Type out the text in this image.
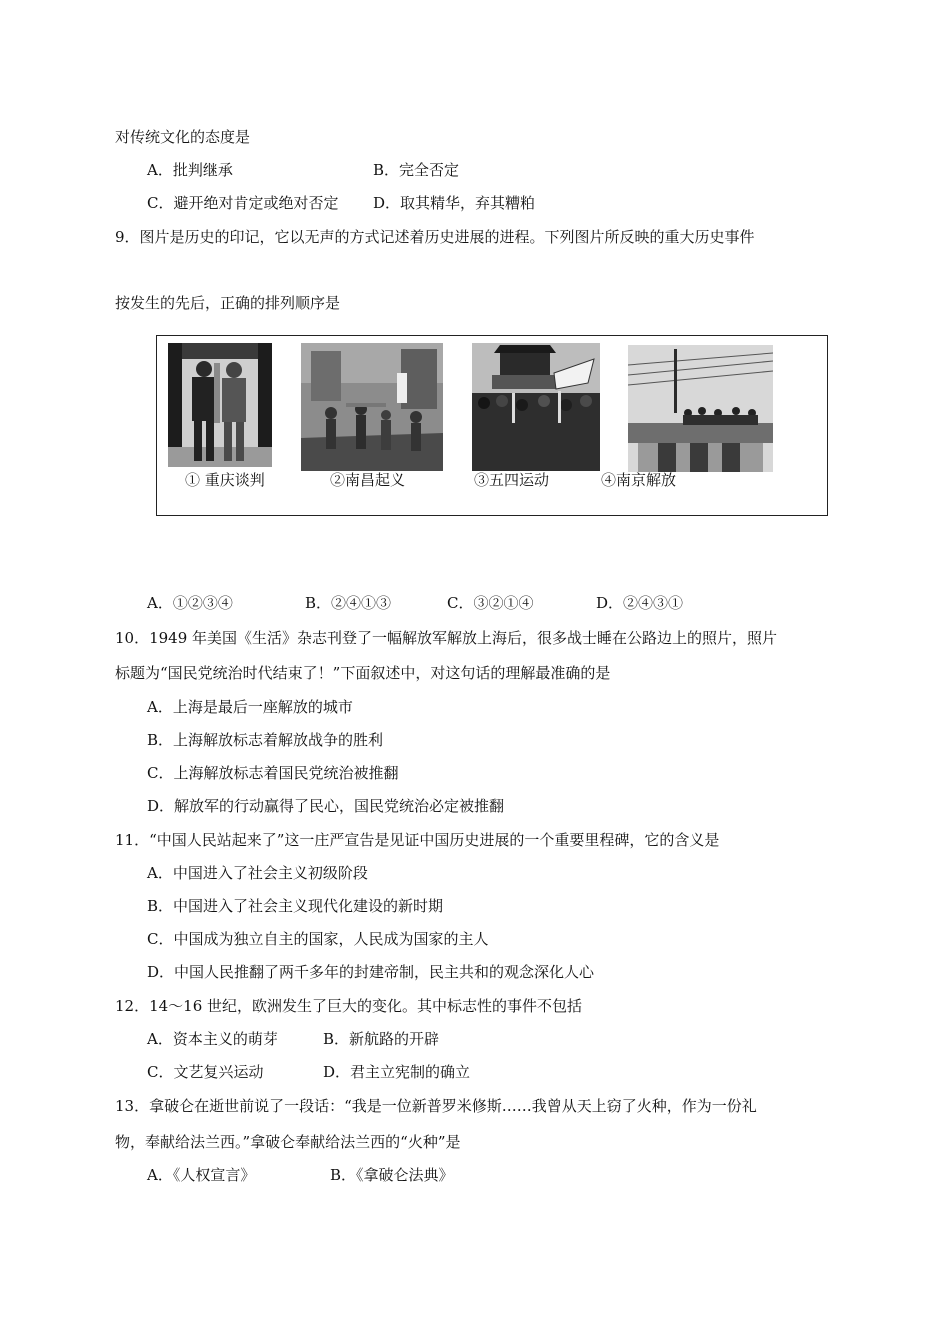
对传统文化的态度是
A．批判继承	B．完全否定
C．避开绝对肯定或绝对否定 D．取其精华，弃其糟粕
9．图片是历史的印记，它以无声的方式记述着历史进展的进程。下列图片所反映的重大历史事件
按发生的先后，正确的排列顺序是
① 重庆谈判	②南昌起义	③五四运动	④南京解放
A．①②③④	B．②④①③	C．③②①④	D．②④③①
10．1949 年美国《生活》杂志刊登了一幅解放军解放上海后，很多战士睡在公路边上的照片，照片
标题为“国民党统治时代结束了！”下面叙述中，对这句话的理解最准确的是
A．上海是最后一座解放的城市
B．上海解放标志着解放战争的胜利
C．上海解放标志着国民党统治被推翻
D．解放军的行动赢得了民心，国民党统治必定被推翻
11．“中国人民站起来了”这一庄严宣告是见证中国历史进展的一个重要里程碑，它的含义是
A．中国进入了社会主义初级阶段
B．中国进入了社会主义现代化建设的新时期
C．中国成为独立自主的国家，人民成为国家的主人
D．中国人民推翻了两千多年的封建帝制，民主共和的观念深化人心
12．14～16 世纪，欧洲发生了巨大的变化。其中标志性的事件不包括
A．资本主义的萌芽	B．新航路的开辟
C．文艺复兴运动	D．君主立宪制的确立
13．拿破仑在逝世前说了一段话：“我是一位新普罗米修斯……我曾从天上窃了火种，作为一份礼
物，奉献给法兰西。”拿破仑奉献给法兰西的“火种”是
A．《人权宣言》	B．《拿破仑法典》
